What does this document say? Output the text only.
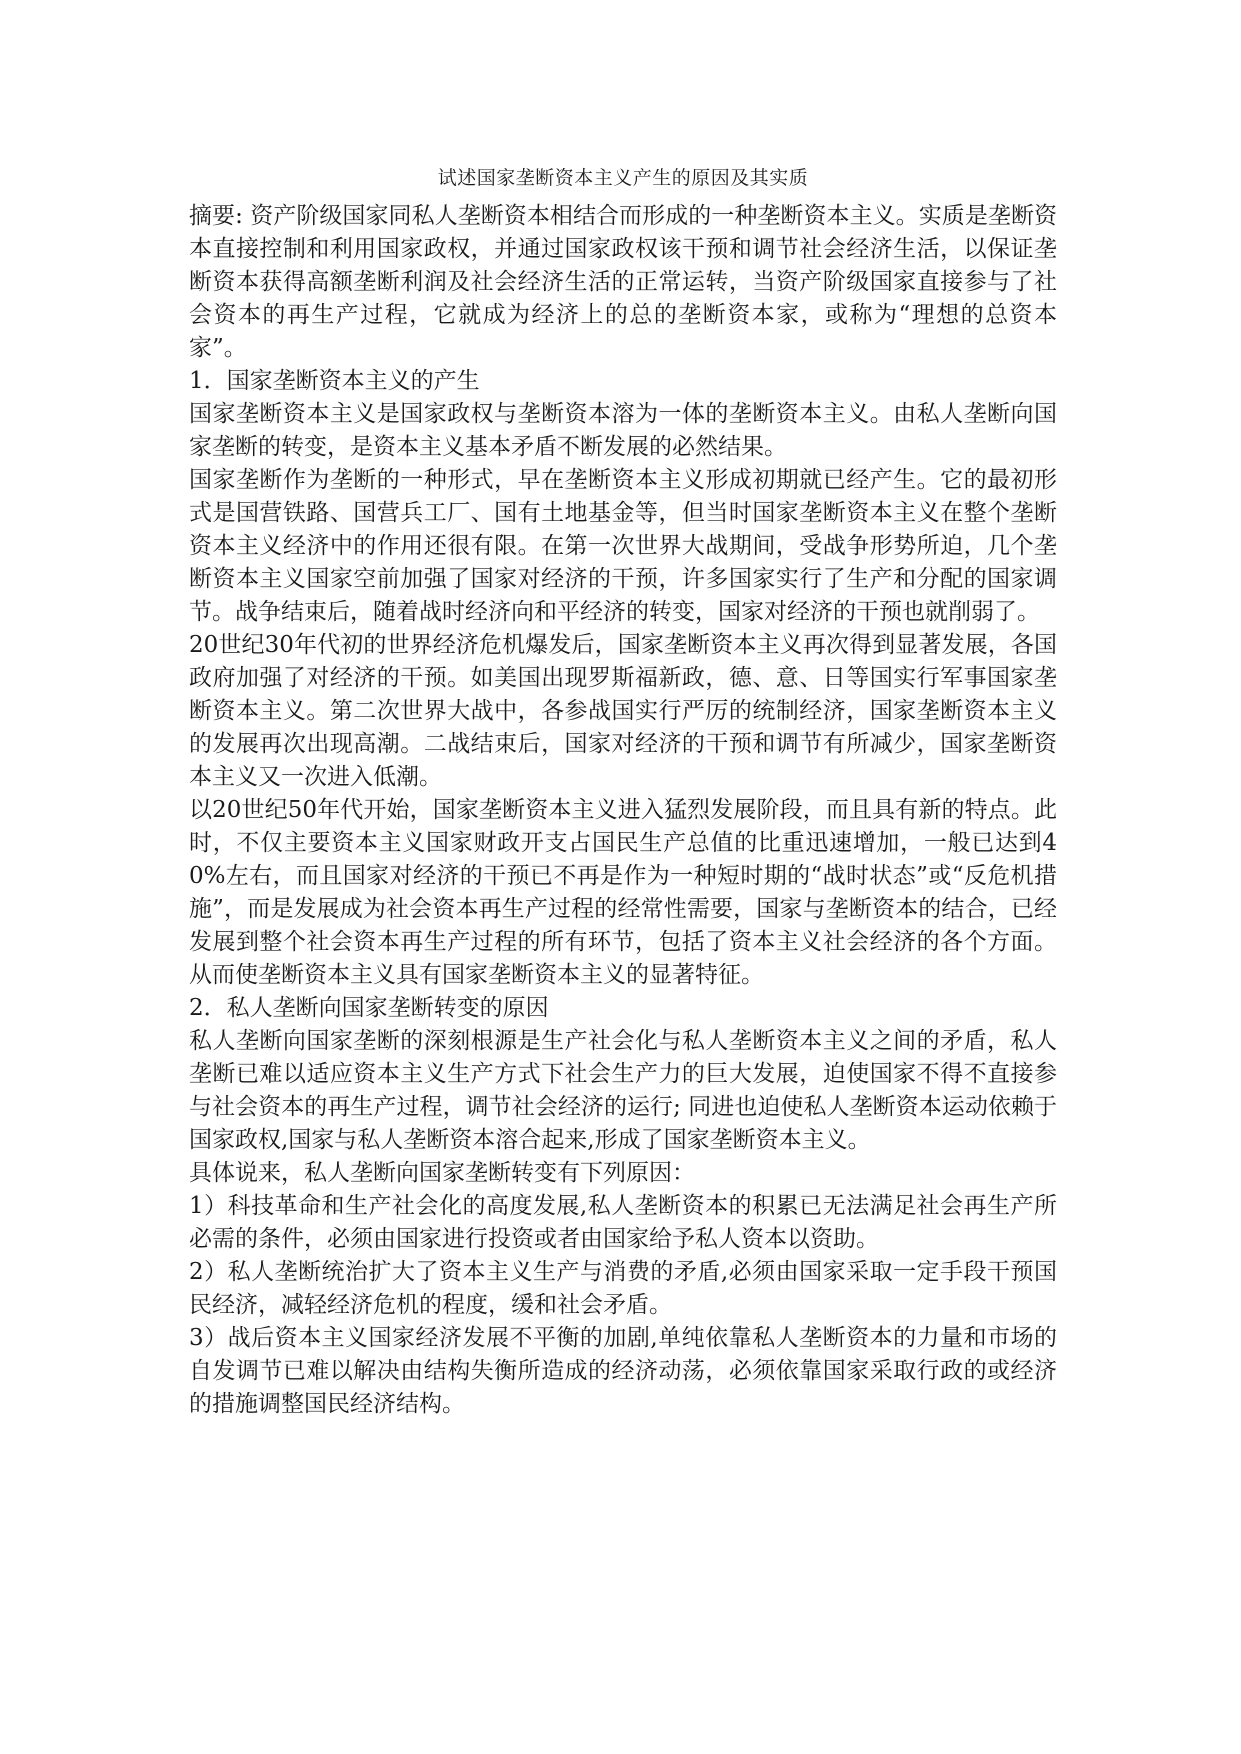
试述国家垄断资本主义产生的原因及其实质

摘要: 资产阶级国家同私人垄断资本相结合而形成的一种垄断资本主义。实质是垄断资本直接控制和利用国家政权，并通过国家政权该干预和调节社会经济生活，以保证垄断资本获得高额垄断利润及社会经济生活的正常运转，当资产阶级国家直接参与了社会资本的再生产过程，它就成为经济上的总的垄断资本家，或称为“理想的总资本家”。

1．国家垄断资本主义的产生

国家垄断资本主义是国家政权与垄断资本溶为一体的垄断资本主义。由私人垄断向国家垄断的转变，是资本主义基本矛盾不断发展的必然结果。

国家垄断作为垄断的一种形式，早在垄断资本主义形成初期就已经产生。它的最初形式是国营铁路、国营兵工厂、国有土地基金等，但当时国家垄断资本主义在整个垄断资本主义经济中的作用还很有限。在第一次世界大战期间，受战争形势所迫，几个垄断资本主义国家空前加强了国家对经济的干预，许多国家实行了生产和分配的国家调节。战争结束后，随着战时经济向和平经济的转变，国家对经济的干预也就削弱了。

20世纪30年代初的世界经济危机爆发后，国家垄断资本主义再次得到显著发展，各国政府加强了对经济的干预。如美国出现罗斯福新政，德、意、日等国实行军事国家垄断资本主义。第二次世界大战中，各参战国实行严厉的统制经济，国家垄断资本主义的发展再次出现高潮。二战结束后，国家对经济的干预和调节有所减少，国家垄断资本主义又一次进入低潮。

以20世纪50年代开始，国家垄断资本主义进入猛烈发展阶段，而且具有新的特点。此时，不仅主要资本主义国家财政开支占国民生产总值的比重迅速增加，一般已达到40%左右，而且国家对经济的干预已不再是作为一种短时期的“战时状态”或“反危机措施”，而是发展成为社会资本再生产过程的经常性需要，国家与垄断资本的结合，已经发展到整个社会资本再生产过程的所有环节，包括了资本主义社会经济的各个方面。从而使垄断资本主义具有国家垄断资本主义的显著特征。

2．私人垄断向国家垄断转变的原因

私人垄断向国家垄断的深刻根源是生产社会化与私人垄断资本主义之间的矛盾，私人垄断已难以适应资本主义生产方式下社会生产力的巨大发展，迫使国家不得不直接参与社会资本的再生产过程，调节社会经济的运行; 同进也迫使私人垄断资本运动依赖于国家政权,国家与私人垄断资本溶合起来,形成了国家垄断资本主义。

具体说来，私人垄断向国家垄断转变有下列原因：

1）科技革命和生产社会化的高度发展,私人垄断资本的积累已无法满足社会再生产所必需的条件，必须由国家进行投资或者由国家给予私人资本以资助。

2）私人垄断统治扩大了资本主义生产与消费的矛盾,必须由国家采取一定手段干预国民经济，减轻经济危机的程度，缓和社会矛盾。

3）战后资本主义国家经济发展不平衡的加剧,单纯依靠私人垄断资本的力量和市场的自发调节已难以解决由结构失衡所造成的经济动荡，必须依靠国家采取行政的或经济的措施调整国民经济结构。
